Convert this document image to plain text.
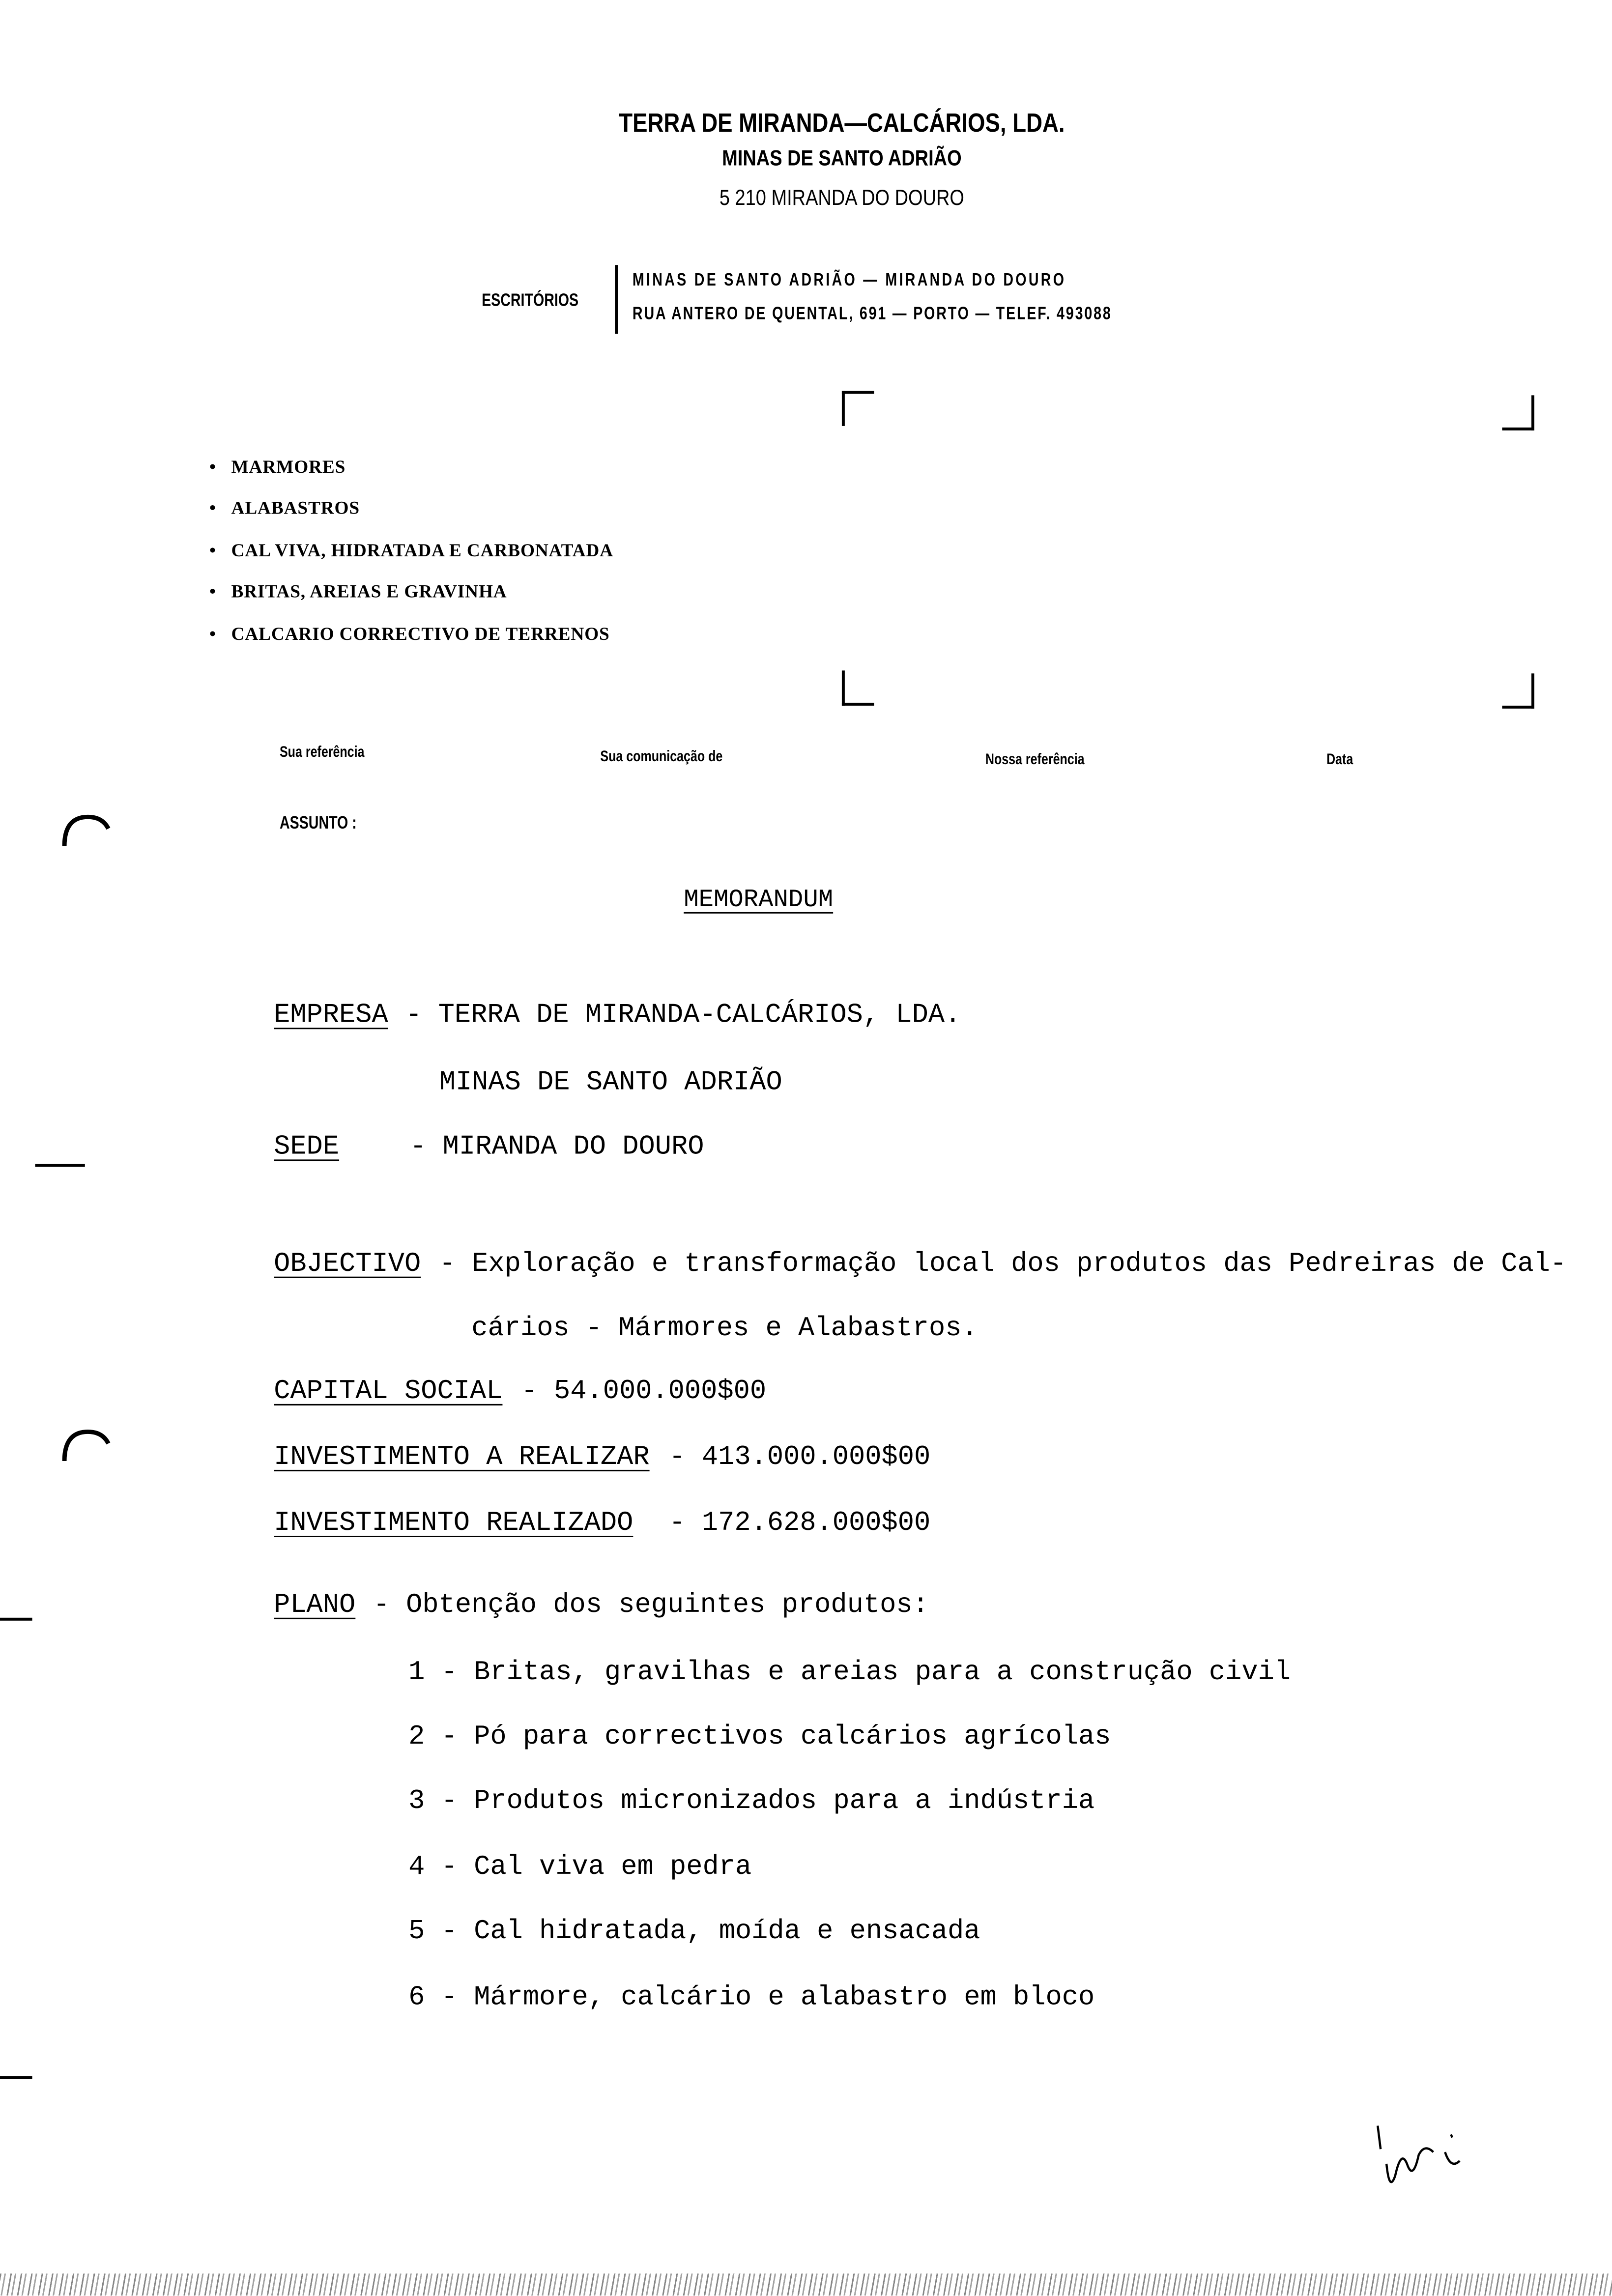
TERRA DE MIRANDA—CALCÁRIOS, LDA.
MINAS DE SANTO ADRIÃO
5 210 MIRANDA DO DOURO
ESCRITÓRIOS
MINAS DE SANTO ADRIÃO — MIRANDA DO DOURO
RUA ANTERO DE QUENTAL, 691 — PORTO — TELEF. 493088
•   MARMORES
•   ALABASTROS
•   CAL VIVA, HIDRATADA E CARBONATADA
•   BRITAS, AREIAS E GRAVINHA
•   CALCARIO CORRECTIVO DE TERRENOS
Sua referência	Sua comunicação de	Nossa referência	Data
ASSUNTO :
MEMORANDUM
EMPRESA - TERRA DE MIRANDA-CALCÁRIOS, LDA.
MINAS DE SANTO ADRIÃO
SEDE	- MIRANDA DO DOURO
OBJECTIVO - Exploração e transformação local dos produtos das Pedreiras de Cal-
cários - Mármores e Alabastros.
CAPITAL SOCIAL - 54.000.000$00
INVESTIMENTO A REALIZAR - 413.000.000$00
INVESTIMENTO REALIZADO	- 172.628.000$00
PLANO - Obtenção dos seguintes produtos:
1 - Britas, gravilhas e areias para a construção civil
2 - Pó para correctivos calcários agrícolas
3 - Produtos micronizados para a indústria
4 - Cal viva em pedra
5 - Cal hidratada, moída e ensacada
6 - Mármore, calcário e alabastro em bloco
